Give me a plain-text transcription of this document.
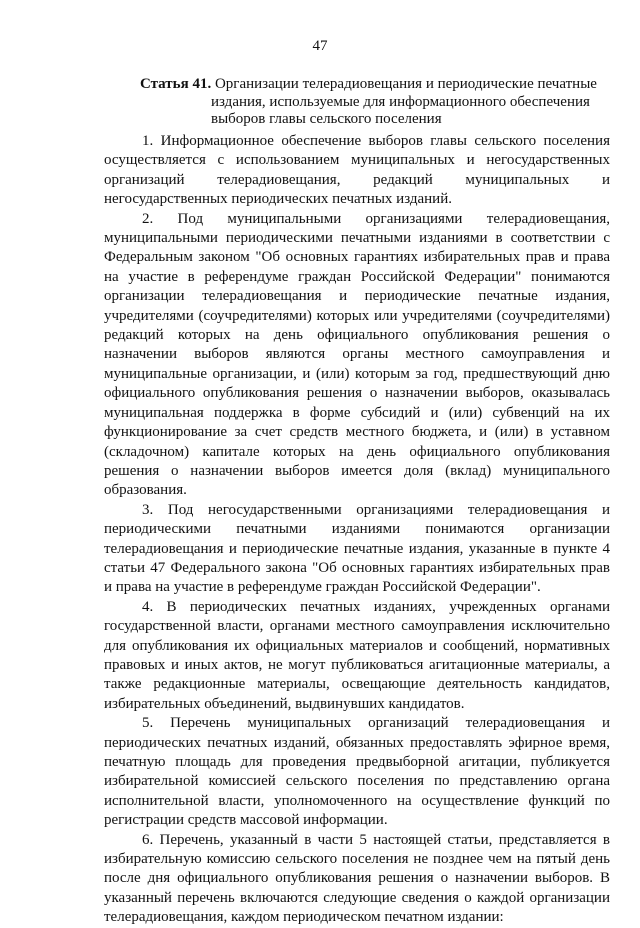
47
Статья 41. Организации телерадиовещания и периодические печатные
издания, используемые для информационного обеспечения
выборов главы сельского поселения

1. Информационное обеспечение выборов главы сельского поселения осуществляется с использованием муниципальных и негосударственных организаций телерадиовещания, редакций муниципальных и негосударственных периодических печатных изданий.

2. Под муниципальными организациями телерадиовещания, муниципальными периодическими печатными изданиями в соответствии с Федеральным законом "Об основных гарантиях избирательных прав и права на участие в референдуме граждан Российской Федерации" понимаются организации телерадиовещания и периодические печатные издания, учредителями (соучредителями) которых или учредителями (соучредителями) редакций которых на день официального опубликования решения о назначении выборов являются органы местного самоуправления и муниципальные организации, и (или) которым за год, предшествующий дню официального опубликования решения о назначении выборов, оказывалась муниципальная поддержка в форме субсидий и (или) субвенций на их функционирование за счет средств местного бюджета, и (или) в уставном (складочном) капитале которых на день официального опубликования решения о назначении выборов имеется доля (вклад) муниципального образования.

3. Под негосударственными организациями телерадиовещания и периодическими печатными изданиями понимаются организации телерадиовещания и периодические печатные издания, указанные в пункте 4 статьи 47 Федерального закона "Об основных гарантиях избирательных прав и права на участие в референдуме граждан Российской Федерации".

4. В периодических печатных изданиях, учрежденных органами государственной власти, органами местного самоуправления исключительно для опубликования их официальных материалов и сообщений, нормативных правовых и иных актов, не могут публиковаться агитационные материалы, а также редакционные материалы, освещающие деятельность кандидатов, избирательных объединений, выдвинувших кандидатов.

5. Перечень муниципальных организаций телерадиовещания и периодических печатных изданий, обязанных предоставлять эфирное время, печатную площадь для проведения предвыборной агитации, публикуется избирательной комиссией сельского поселения по представлению органа исполнительной власти, уполномоченного на осуществление функций по регистрации средств массовой информации.

6. Перечень, указанный в части 5 настоящей статьи, представляется в избирательную комиссию сельского поселения не позднее чем на пятый день после дня официального опубликования решения о назначении выборов. В указанный перечень включаются следующие сведения о каждой организации телерадиовещания, каждом периодическом печатном издании:
